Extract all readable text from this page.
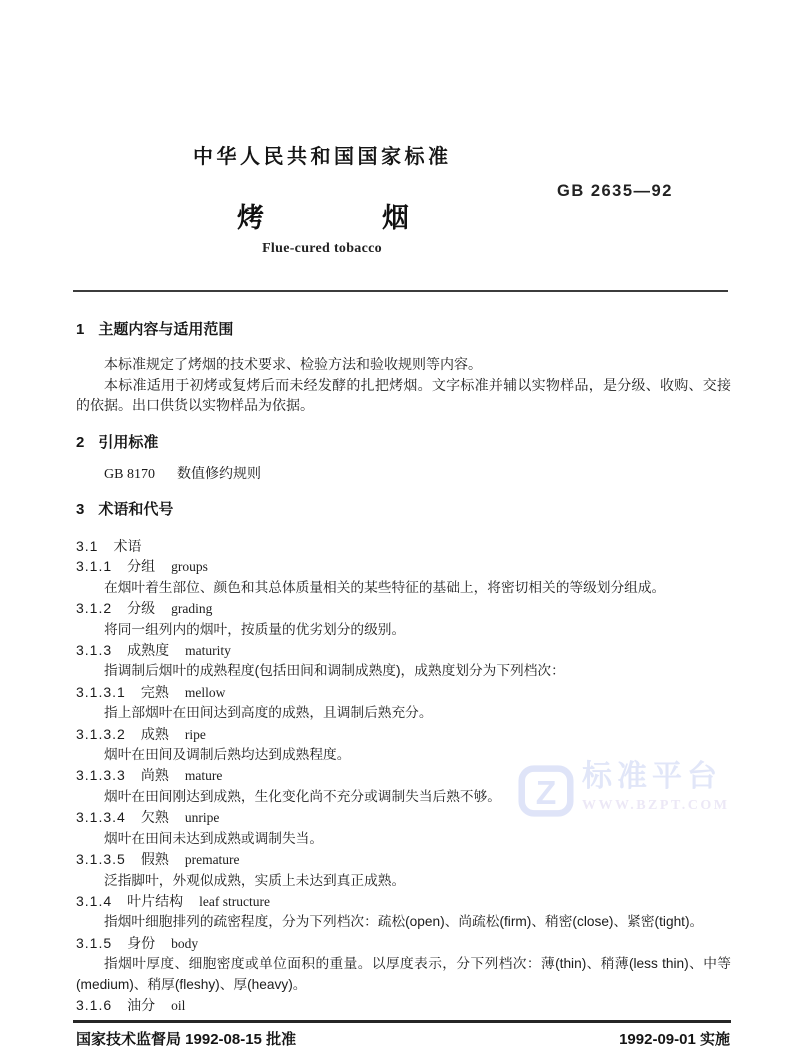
中华人民共和国国家标准
GB 2635—92
烤烟
Flue-cured tobacco
1 主题内容与适用范围
本标准规定了烤烟的技术要求、检验方法和验收规则等内容。
本标准适用于初烤或复烤后而未经发酵的扎把烤烟。文字标准并辅以实物样品，是分级、收购、交接的依据。出口供货以实物样品为依据。
2 引用标准
GB 8170 数值修约规则
3 术语和代号
3.1 术语
3.1.1 分组 groups
在烟叶着生部位、颜色和其总体质量相关的某些特征的基础上，将密切相关的等级划分组成。
3.1.2 分级 grading
将同一组列内的烟叶，按质量的优劣划分的级别。
3.1.3 成熟度 maturity
指调制后烟叶的成熟程度(包括田间和调制成熟度)，成熟度划分为下列档次：
3.1.3.1 完熟 mellow
指上部烟叶在田间达到高度的成熟，且调制后熟充分。
3.1.3.2 成熟 ripe
烟叶在田间及调制后熟均达到成熟程度。
3.1.3.3 尚熟 mature
烟叶在田间刚达到成熟，生化变化尚不充分或调制失当后熟不够。
3.1.3.4 欠熟 unripe
烟叶在田间未达到成熟或调制失当。
3.1.3.5 假熟 premature
泛指脚叶，外观似成熟，实质上未达到真正成熟。
3.1.4 叶片结构 leaf structure
指烟叶细胞排列的疏密程度，分为下列档次：疏松(open)、尚疏松(firm)、稍密(close)、紧密(tight)。
3.1.5 身份 body
指烟叶厚度、细胞密度或单位面积的重量。以厚度表示，分下列档次：薄(thin)、稍薄(less thin)、中等(medium)、稍厚(fleshy)、厚(heavy)。
3.1.6 油分 oil
Z 标准平台
WWW.BZPT.COM
国家技术监督局 1992-08-15 批准	1992-09-01 实施
